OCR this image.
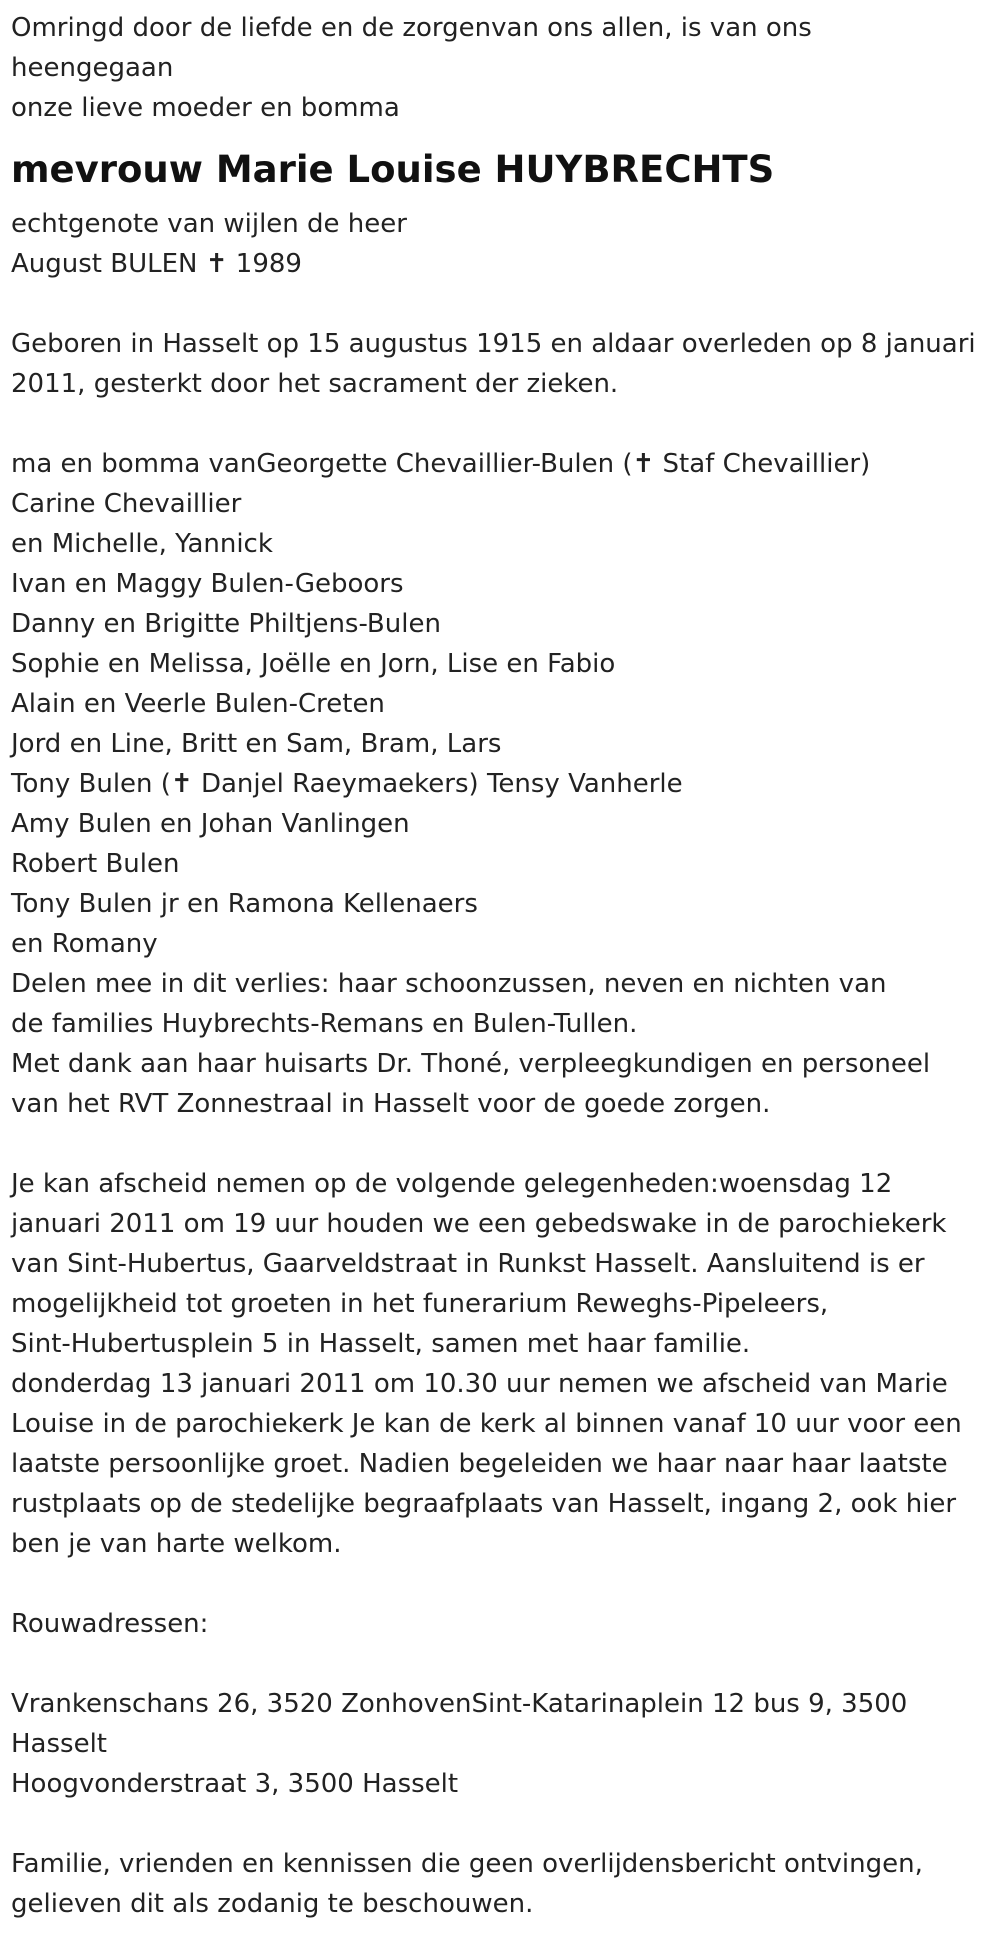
Omringd door de liefde en de zorgenvan ons allen, is van ons
heengegaan
onze lieve moeder en bomma
mevrouw Marie Louise HUYBRECHTS
echtgenote van wijlen de heer
August BULEN ✝ 1989
Geboren in Hasselt op 15 augustus 1915 en aldaar overleden op 8 januari
2011, gesterkt door het sacrament der zieken.
ma en bomma vanGeorgette Chevaillier-Bulen (✝ Staf Chevaillier)
Carine Chevaillier
en Michelle, Yannick
Ivan en Maggy Bulen-Geboors
Danny en Brigitte Philtjens-Bulen
Sophie en Melissa, Joëlle en Jorn, Lise en Fabio
Alain en Veerle Bulen-Creten
Jord en Line, Britt en Sam, Bram, Lars
Tony Bulen (✝ Danjel Raeymaekers) Tensy Vanherle
Amy Bulen en Johan Vanlingen
Robert Bulen
Tony Bulen jr en Ramona Kellenaers
en Romany
Delen mee in dit verlies: haar schoonzussen, neven en nichten van
de families Huybrechts-Remans en Bulen-Tullen.
Met dank aan haar huisarts Dr. Thoné, verpleegkundigen en personeel
van het RVT Zonnestraal in Hasselt voor de goede zorgen.
Je kan afscheid nemen op de volgende gelegenheden:woensdag 12
januari 2011 om 19 uur houden we een gebedswake in de parochiekerk
van Sint-Hubertus, Gaarveldstraat in Runkst Hasselt. Aansluitend is er
mogelijkheid tot groeten in het funerarium Reweghs-Pipeleers,
Sint-Hubertusplein 5 in Hasselt, samen met haar familie.
donderdag 13 januari 2011 om 10.30 uur nemen we afscheid van Marie
Louise in de parochiekerk Je kan de kerk al binnen vanaf 10 uur voor een
laatste persoonlijke groet. Nadien begeleiden we haar naar haar laatste
rustplaats op de stedelijke begraafplaats van Hasselt, ingang 2, ook hier
ben je van harte welkom.
Rouwadressen:
Vrankenschans 26, 3520 ZonhovenSint-Katarinaplein 12 bus 9, 3500
Hasselt
Hoogvonderstraat 3, 3500 Hasselt
Familie, vrienden en kennissen die geen overlijdensbericht ontvingen,
gelieven dit als zodanig te beschouwen.
